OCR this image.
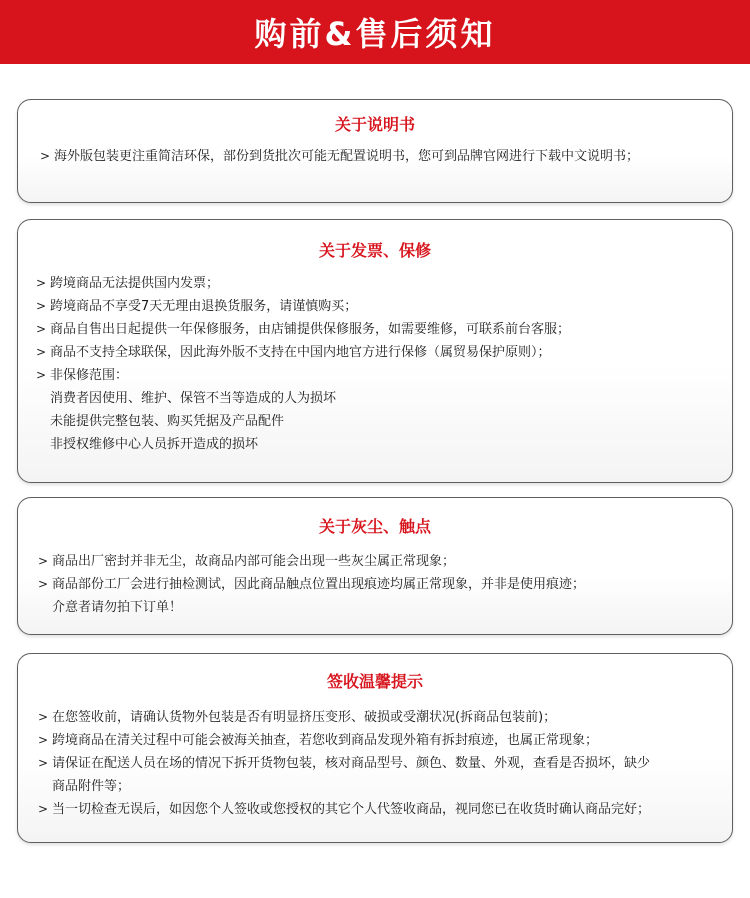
购前&售后须知
关于说明书
> 海外版包装更注重简洁环保，部份到货批次可能无配置说明书，您可到品牌官网进行下载中文说明书；
关于发票、保修
> 跨境商品无法提供国内发票；
> 跨境商品不享受7天无理由退换货服务，请谨慎购买；
> 商品自售出日起提供一年保修服务，由店铺提供保修服务，如需要维修，可联系前台客服；
> 商品不支持全球联保，因此海外版不支持在中国内地官方进行保修（属贸易保护原则）；
> 非保修范围：
消费者因使用、维护、保管不当等造成的人为损坏
未能提供完整包装、购买凭据及产品配件
非授权维修中心人员拆开造成的损坏
关于灰尘、触点
> 商品出厂密封并非无尘，故商品内部可能会出现一些灰尘属正常现象；
> 商品部份工厂会进行抽检测试，因此商品触点位置出现痕迹均属正常现象，并非是使用痕迹；
介意者请勿拍下订单！
签收温馨提示
> 在您签收前，请确认货物外包装是否有明显挤压变形、破损或受潮状况(拆商品包装前)；
> 跨境商品在清关过程中可能会被海关抽查，若您收到商品发现外箱有拆封痕迹，也属正常现象；
> 请保证在配送人员在场的情况下拆开货物包装，核对商品型号、颜色、数量、外观，查看是否损坏，缺少
商品附件等；
> 当一切检查无误后，如因您个人签收或您授权的其它个人代签收商品，视同您已在收货时确认商品完好；
